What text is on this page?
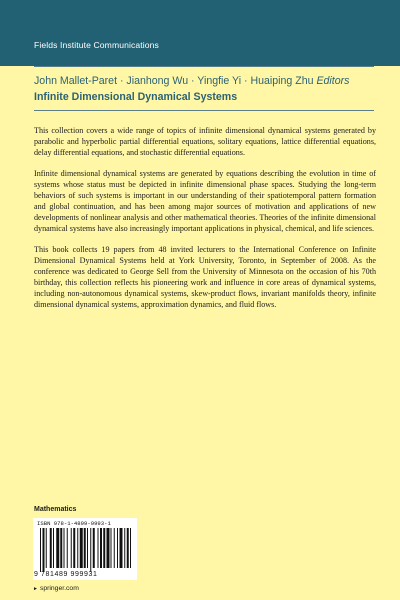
Fields Institute Communications
John Mallet-Paret · Jianhong Wu · Yingfie Yi · Huaiping Zhu Editors
Infinite Dimensional Dynamical Systems

This collection covers a wide range of topics of infinite dimensional dynamical systems generated by parabolic and hyperbolic partial differential equations, solitary equations, lattice differential equations, delay differential equations, and stochastic differential equations.

Infinite dimensional dynamical systems are generated by equations describing the evolution in time of systems whose status must be depicted in infinite dimensional phase spaces. Studying the long-term behaviors of such systems is important in our understanding of their spatiotemporal pattern formation and global continuation, and has been among major sources of motivation and applications of new developments of nonlinear analysis and other mathematical theories. Theories of the infinite dimensional dynamical systems have also increasingly important applications in physical, chemical, and life sciences.

This book collects 19 papers from 48 invited lecturers to the International Conference on Infinite Dimensional Dynamical Systems held at York University, Toronto, in September of 2008. As the conference was dedicated to George Sell from the University of Minnesota on the occasion of his 70th birthday, this collection reflects his pioneering work and influence in core areas of dynamical systems, including non-autonomous dynamical systems, skew-product flows, invariant manifolds theory, infinite dimensional dynamical systems, approximation dynamics, and fluid flows.

Mathematics
ISBN 978-1-4899-9993-1
9 781489 999931
► springer.com
